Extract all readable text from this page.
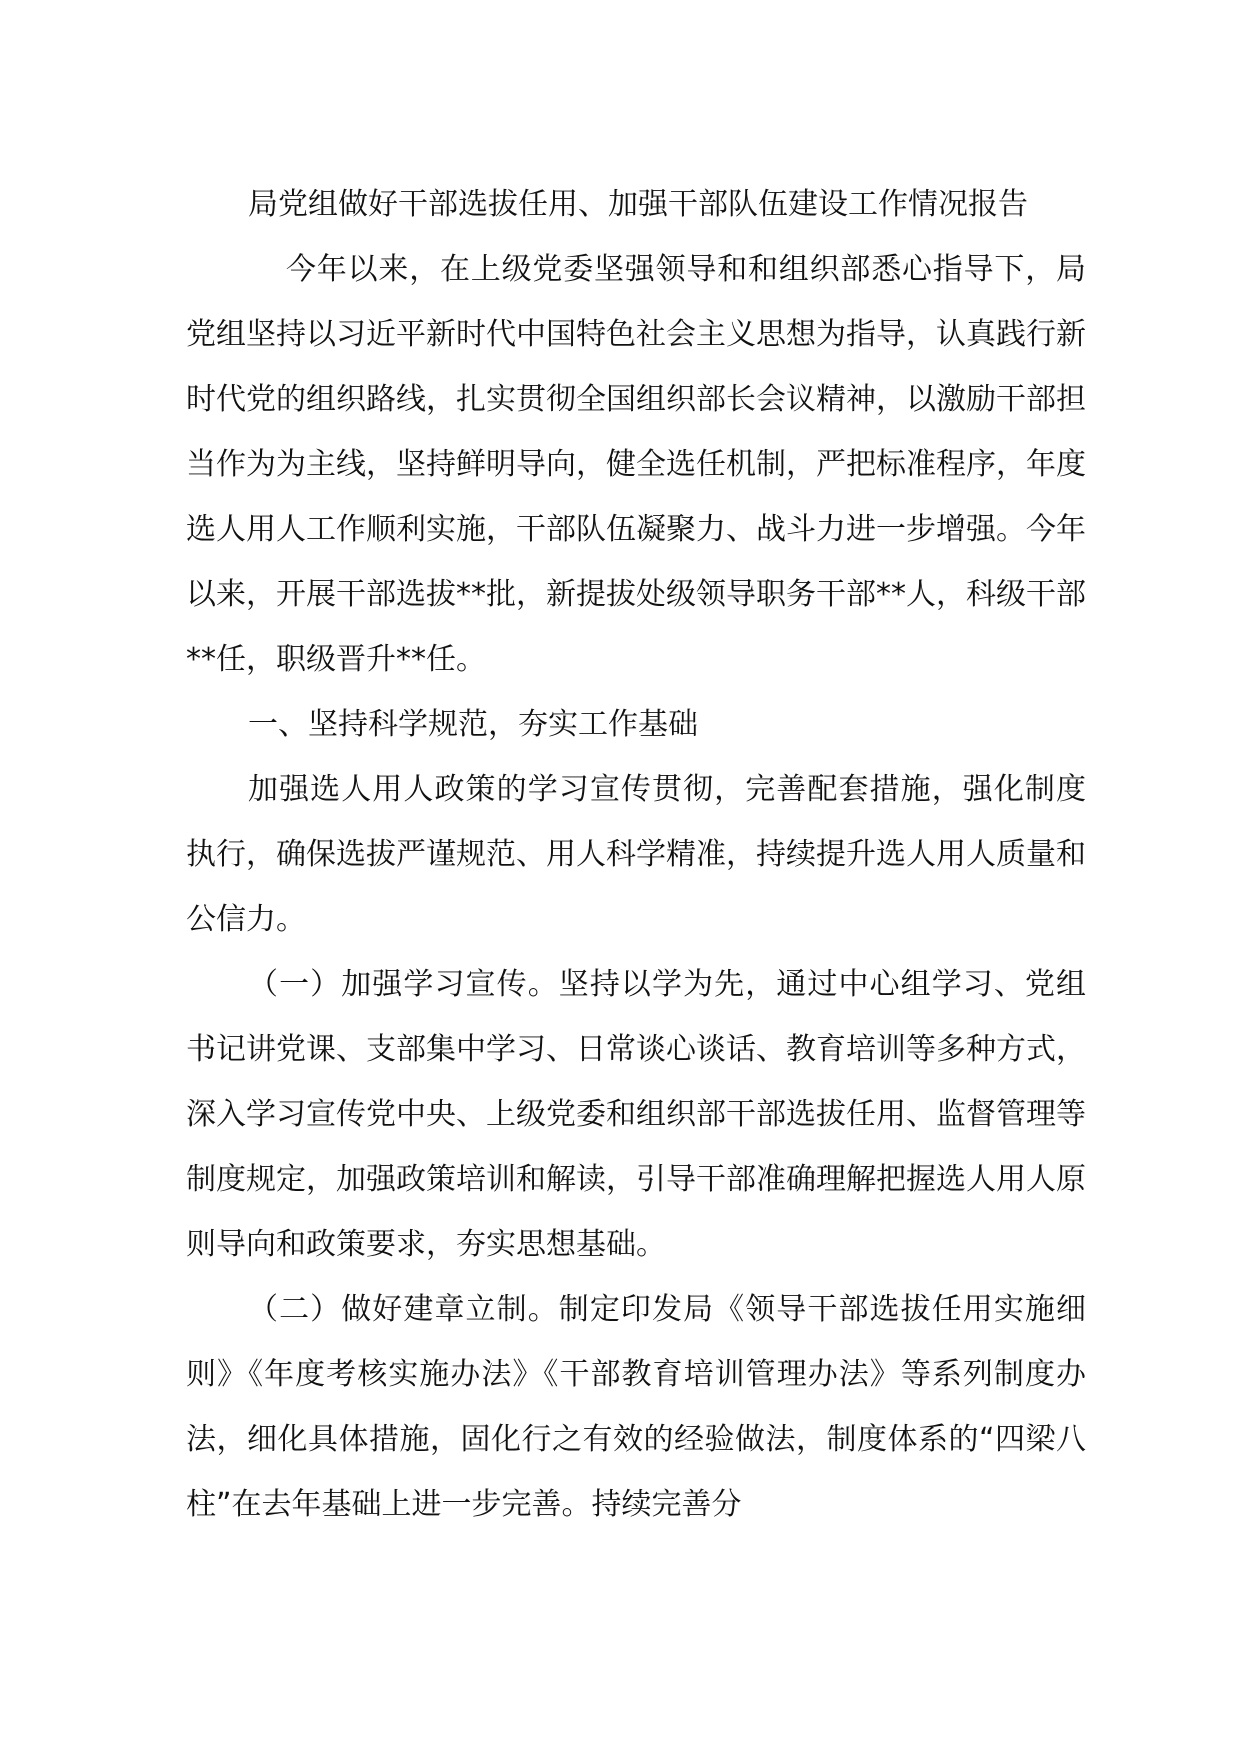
局党组做好干部选拔任用、加强干部队伍建设工作情况报告

今年以来，在上级党委坚强领导和和组织部悉心指导下，局党组坚持以习近平新时代中国特色社会主义思想为指导，认真践行新时代党的组织路线，扎实贯彻全国组织部长会议精神，以激励干部担当作为为主线，坚持鲜明导向，健全选任机制，严把标准程序，年度选人用人工作顺利实施，干部队伍凝聚力、战斗力进一步增强。今年以来，开展干部选拔**批，新提拔处级领导职务干部**人，科级干部**任，职级晋升**任。

一、坚持科学规范，夯实工作基础

加强选人用人政策的学习宣传贯彻，完善配套措施，强化制度执行，确保选拔严谨规范、用人科学精准，持续提升选人用人质量和公信力。

（一）加强学习宣传。坚持以学为先，通过中心组学习、党组书记讲党课、支部集中学习、日常谈心谈话、教育培训等多种方式，深入学习宣传党中央、上级党委和组织部干部选拔任用、监督管理等制度规定，加强政策培训和解读，引导干部准确理解把握选人用人原则导向和政策要求，夯实思想基础。

（二）做好建章立制。制定印发局《领导干部选拔任用实施细则》《年度考核实施办法》《干部教育培训管理办法》等系列制度办法，细化具体措施，固化行之有效的经验做法，制度体系的“四梁八柱”在去年基础上进一步完善。持续完善分
